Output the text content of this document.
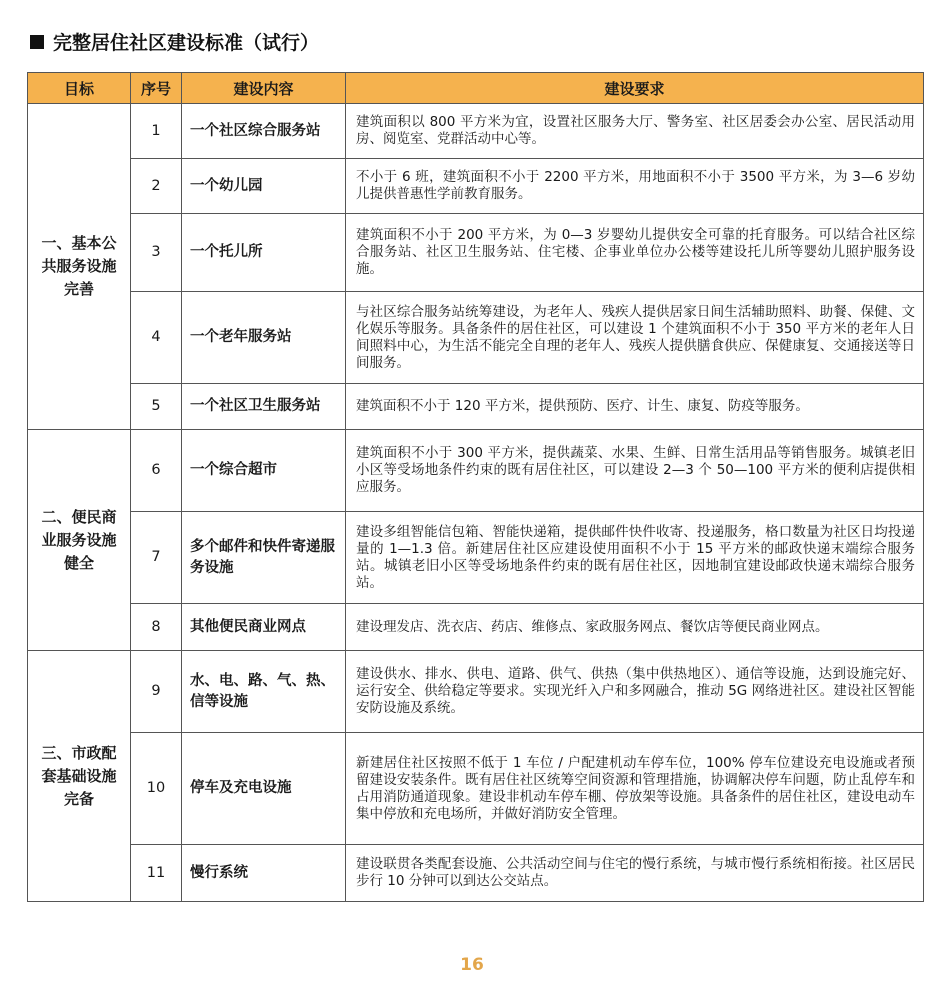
完整居住社区建设标准（试行）
目标	序号	建设内容	建设要求
一、基本公共服务设施完善	1	一个社区综合服务站	建筑面积以 800 平方米为宜，设置社区服务大厅、警务室、社区居委会办公室、居民活动用房、阅览室、党群活动中心等。
	2	一个幼儿园	不小于 6 班，建筑面积不小于 2200 平方米，用地面积不小于 3500 平方米，为 3—6 岁幼儿提供普惠性学前教育服务。
	3	一个托儿所	建筑面积不小于 200 平方米，为 0—3 岁婴幼儿提供安全可靠的托育服务。可以结合社区综合服务站、社区卫生服务站、住宅楼、企事业单位办公楼等建设托儿所等婴幼儿照护服务设施。
	4	一个老年服务站	与社区综合服务站统筹建设，为老年人、残疾人提供居家日间生活辅助照料、助餐、保健、文化娱乐等服务。具备条件的居住社区，可以建设 1 个建筑面积不小于 350 平方米的老年人日间照料中心，为生活不能完全自理的老年人、残疾人提供膳食供应、保健康复、交通接送等日间服务。
	5	一个社区卫生服务站	建筑面积不小于 120 平方米，提供预防、医疗、计生、康复、防疫等服务。
二、便民商业服务设施健全	6	一个综合超市	建筑面积不小于 300 平方米，提供蔬菜、水果、生鲜、日常生活用品等销售服务。城镇老旧小区等受场地条件约束的既有居住社区，可以建设 2—3 个 50—100 平方米的便利店提供相应服务。
	7	多个邮件和快件寄递服务设施	建设多组智能信包箱、智能快递箱，提供邮件快件收寄、投递服务，格口数量为社区日均投递量的 1—1.3 倍。新建居住社区应建设使用面积不小于 15 平方米的邮政快递末端综合服务站。城镇老旧小区等受场地条件约束的既有居住社区，因地制宜建设邮政快递末端综合服务站。
	8	其他便民商业网点	建设理发店、洗衣店、药店、维修点、家政服务网点、餐饮店等便民商业网点。
三、市政配套基础设施完备	9	水、电、路、气、热、信等设施	建设供水、排水、供电、道路、供气、供热（集中供热地区）、通信等设施，达到设施完好、运行安全、供给稳定等要求。实现光纤入户和多网融合，推动 5G 网络进社区。建设社区智能安防设施及系统。
	10	停车及充电设施	新建居住社区按照不低于 1 车位 / 户配建机动车停车位，100% 停车位建设充电设施或者预留建设安装条件。既有居住社区统筹空间资源和管理措施，协调解决停车问题，防止乱停车和占用消防通道现象。建设非机动车停车棚、停放架等设施。具备条件的居住社区，建设电动车集中停放和充电场所，并做好消防安全管理。
	11	慢行系统	建设联贯各类配套设施、公共活动空间与住宅的慢行系统，与城市慢行系统相衔接。社区居民步行 10 分钟可以到达公交站点。
16
